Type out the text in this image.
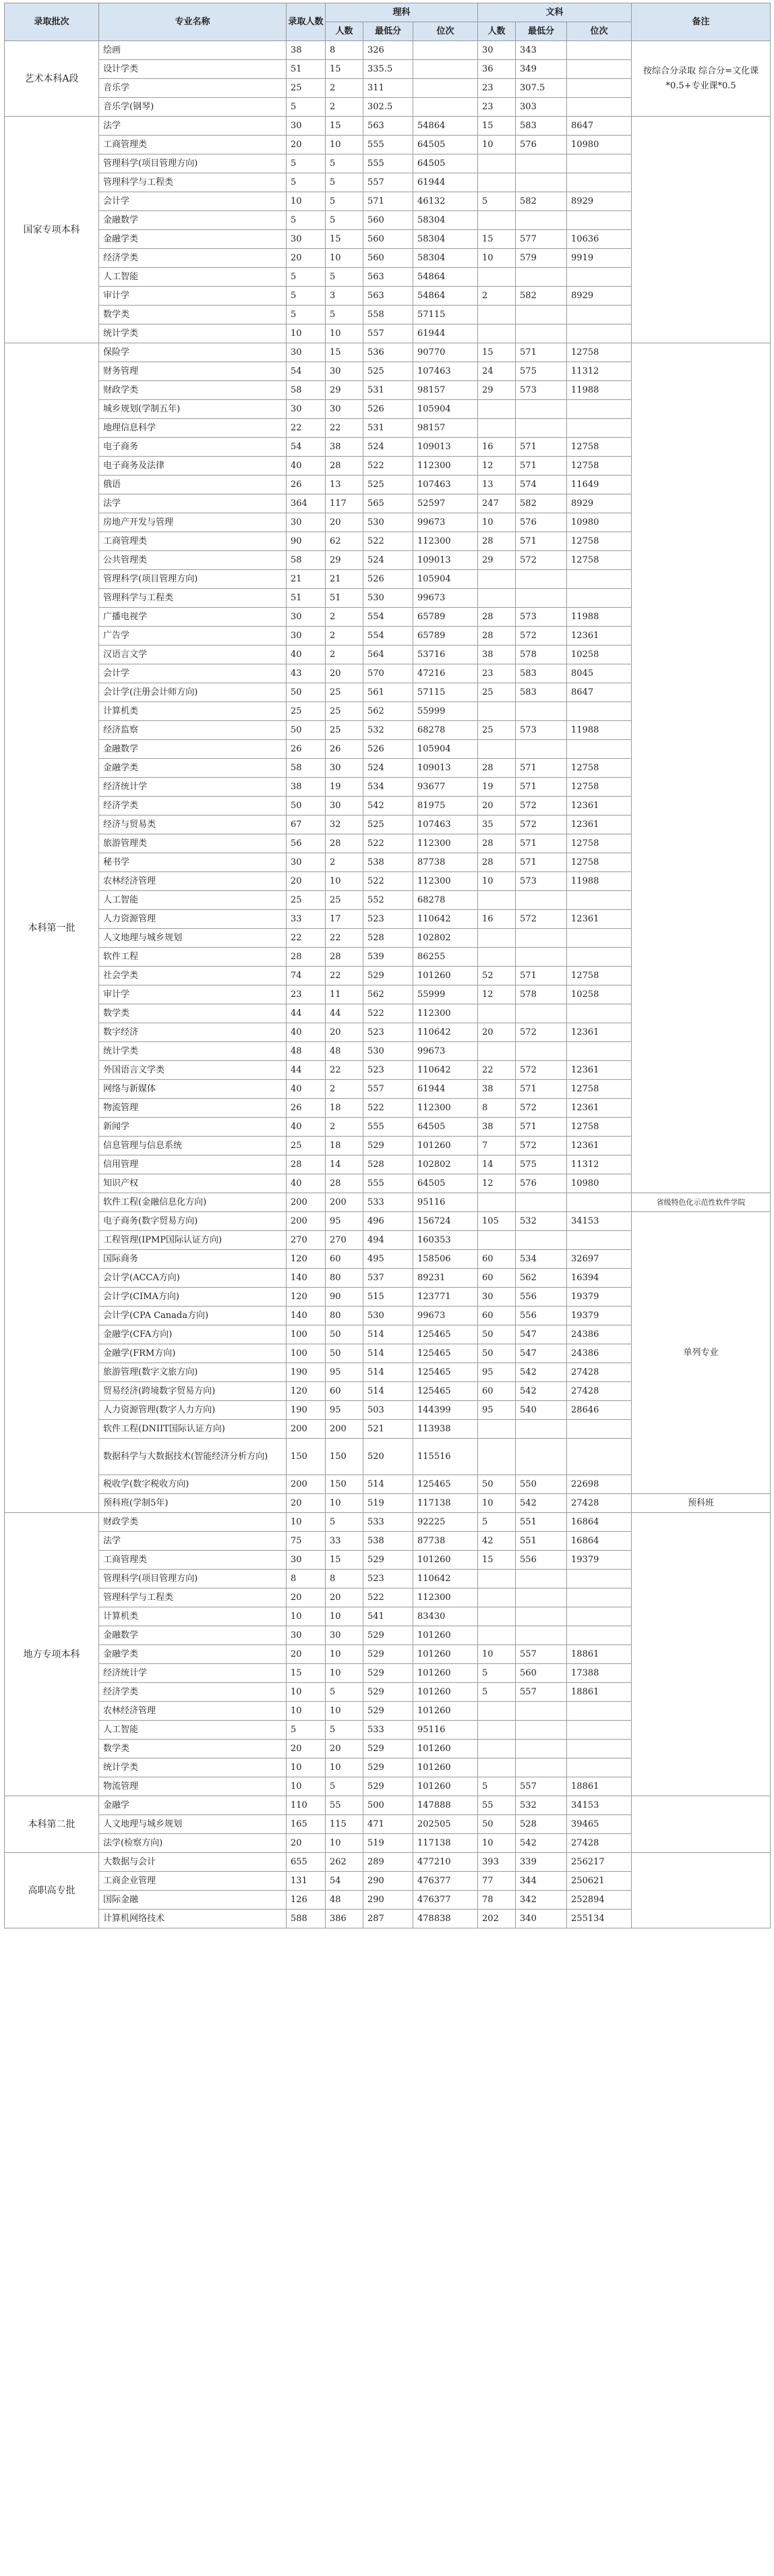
录取批次	专业名称	录取人数	理科			文科			备注
			人数	最低分	位次	人数	最低分	位次	
艺术本科A段	绘画	38	8	326		30	343		按综合分录取 综合分=文化课*0.5+专业课*0.5
	设计学类	51	15	335.5		36	349		
	音乐学	25	2	311		23	307.5		
	音乐学(钢琴)	5	2	302.5		23	303		
国家专项本科	法学	30	15	563	54864	15	583	8647	
	工商管理类	20	10	555	64505	10	576	10980	
	管理科学(项目管理方向)	5	5	555	64505				
	管理科学与工程类	5	5	557	61944				
	会计学	10	5	571	46132	5	582	8929	
	金融数学	5	5	560	58304				
	金融学类	30	15	560	58304	15	577	10636	
	经济学类	20	10	560	58304	10	579	9919	
	人工智能	5	5	563	54864				
	审计学	5	3	563	54864	2	582	8929	
	数学类	5	5	558	57115				
	统计学类	10	10	557	61944				
本科第一批	保险学	30	15	536	90770	15	571	12758	
	财务管理	54	30	525	107463	24	575	11312	
	财政学类	58	29	531	98157	29	573	11988	
	城乡规划(学制五年)	30	30	526	105904				
	地理信息科学	22	22	531	98157				
	电子商务	54	38	524	109013	16	571	12758	
	电子商务及法律	40	28	522	112300	12	571	12758	
	俄语	26	13	525	107463	13	574	11649	
	法学	364	117	565	52597	247	582	8929	
	房地产开发与管理	30	20	530	99673	10	576	10980	
	工商管理类	90	62	522	112300	28	571	12758	
	公共管理类	58	29	524	109013	29	572	12758	
	管理科学(项目管理方向)	21	21	526	105904				
	管理科学与工程类	51	51	530	99673				
	广播电视学	30	2	554	65789	28	573	11988	
	广告学	30	2	554	65789	28	572	12361	
	汉语言文学	40	2	564	53716	38	578	10258	
	会计学	43	20	570	47216	23	583	8045	
	会计学(注册会计师方向)	50	25	561	57115	25	583	8647	
	计算机类	25	25	562	55999				
	经济监察	50	25	532	68278	25	573	11988	
	金融数学	26	26	526	105904				
	金融学类	58	30	524	109013	28	571	12758	
	经济统计学	38	19	534	93677	19	571	12758	
	经济学类	50	30	542	81975	20	572	12361	
	经济与贸易类	67	32	525	107463	35	572	12361	
	旅游管理类	56	28	522	112300	28	571	12758	
	秘书学	30	2	538	87738	28	571	12758	
	农林经济管理	20	10	522	112300	10	573	11988	
	人工智能	25	25	552	68278				
	人力资源管理	33	17	523	110642	16	572	12361	
	人文地理与城乡规划	22	22	528	102802				
	软件工程	28	28	539	86255				
	社会学类	74	22	529	101260	52	571	12758	
	审计学	23	11	562	55999	12	578	10258	
	数学类	44	44	522	112300				
	数字经济	40	20	523	110642	20	572	12361	
	统计学类	48	48	530	99673				
	外国语言文学类	44	22	523	110642	22	572	12361	
	网络与新媒体	40	2	557	61944	38	571	12758	
	物流管理	26	18	522	112300	8	572	12361	
	新闻学	40	2	555	64505	38	571	12758	
	信息管理与信息系统	25	18	529	101260	7	572	12361	
	信用管理	28	14	528	102802	14	575	11312	
	知识产权	40	28	555	64505	12	576	10980	
	软件工程(金融信息化方向)	200	200	533	95116				省级特色化示范性软件学院
	电子商务(数字贸易方向)	200	95	496	156724	105	532	34153	单列专业
	工程管理(IPMP国际认证方向)	270	270	494	160353				
	国际商务	120	60	495	158506	60	534	32697	
	会计学(ACCA方向)	140	80	537	89231	60	562	16394	
	会计学(CIMA方向)	120	90	515	123771	30	556	19379	
	会计学(CPA Canada方向)	140	80	530	99673	60	556	19379	
	金融学(CFA方向)	100	50	514	125465	50	547	24386	
	金融学(FRM方向)	100	50	514	125465	50	547	24386	
	旅游管理(数字文旅方向)	190	95	514	125465	95	542	27428	
	贸易经济(跨境数字贸易方向)	120	60	514	125465	60	542	27428	
	人力资源管理(数字人力方向)	190	95	503	144399	95	540	28646	
	软件工程(DNIIT国际认证方向)	200	200	521	113938				
	数据科学与大数据技术(智能经济分析方向)	150	150	520	115516				
	税收学(数字税收方向)	200	150	514	125465	50	550	22698	
	预科班(学制5年)	20	10	519	117138	10	542	27428	预科班
地方专项本科	财政学类	10	5	533	92225	5	551	16864	
	法学	75	33	538	87738	42	551	16864	
	工商管理类	30	15	529	101260	15	556	19379	
	管理科学(项目管理方向)	8	8	523	110642				
	管理科学与工程类	20	20	522	112300				
	计算机类	10	10	541	83430				
	金融数学	30	30	529	101260				
	金融学类	20	10	529	101260	10	557	18861	
	经济统计学	15	10	529	101260	5	560	17388	
	经济学类	10	5	529	101260	5	557	18861	
	农林经济管理	10	10	529	101260				
	人工智能	5	5	533	95116				
	数学类	20	20	529	101260				
	统计学类	10	10	529	101260				
	物流管理	10	5	529	101260	5	557	18861	
本科第二批	金融学	110	55	500	147888	55	532	34153	
	人文地理与城乡规划	165	115	471	202505	50	528	39465	
	法学(检察方向)	20	10	519	117138	10	542	27428	
高职高专批	大数据与会计	655	262	289	477210	393	339	256217	
	工商企业管理	131	54	290	476377	77	344	250621	
	国际金融	126	48	290	476377	78	342	252894	
	计算机网络技术	588	386	287	478838	202	340	255134	
